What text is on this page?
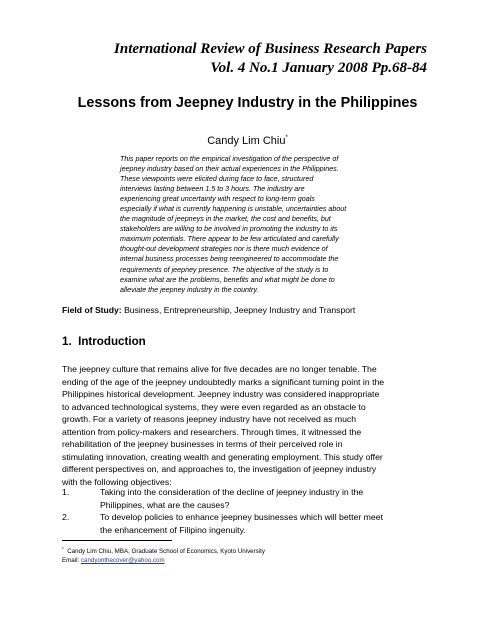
International Review of Business Research Papers
Vol. 4 No.1 January 2008 Pp.68-84
Lessons from Jeepney Industry in the Philippines
Candy Lim Chiu*
This paper reports on the empirical investigation of the perspective of
jeepney industry based on their actual experiences in the Philippines.
These viewpoints were elicited during face to face, structured
interviews lasting between 1.5 to 3 hours. The industry are
experiencing great uncertainty with respect to long-term goals
especially if what is currently happening is unstable, uncertainties about
the magnitude of jeepneys in the market, the cost and benefits, but
stakeholders are willing to be involved in promoting the industry to its
maximum potentials. There appear to be few articulated and carefully
thought-out development strategies nor is there much evidence of
internal business processes being reengineered to accommodate the
requirements of jeepney presence. The objective of the study is to
examine what are the problems, benefits and what might be done to
alleviate the jeepney industry in the country.
Field of Study: Business, Entrepreneurship, Jeepney Industry and Transport
1. Introduction
The jeepney culture that remains alive for five decades are no longer tenable. The
ending of the age of the jeepney undoubtedly marks a significant turning point in the
Philippines historical development. Jeepney industry was considered inappropriate
to advanced technological systems, they were even regarded as an obstacle to
growth. For a variety of reasons jeepney industry have not received as much
attention from policy-makers and researchers. Through times, it witnessed the
rehabilitation of the jeepney businesses in terms of their perceived role in
stimulating innovation, creating wealth and generating employment. This study offer
different perspectives on, and approaches to, the investigation of jeepney industry
with the following objectives:
1.	Taking into the consideration of the decline of jeepney industry in the
Philippines, what are the causes?
2.	To develop policies to enhance jeepney businesses which will better meet
the enhancement of Filipino ingenuity.
* Candy Lim Chiu, MBA, Graduate School of Economics, Kyoto University
Email: candyonthecover@yahoo.com
